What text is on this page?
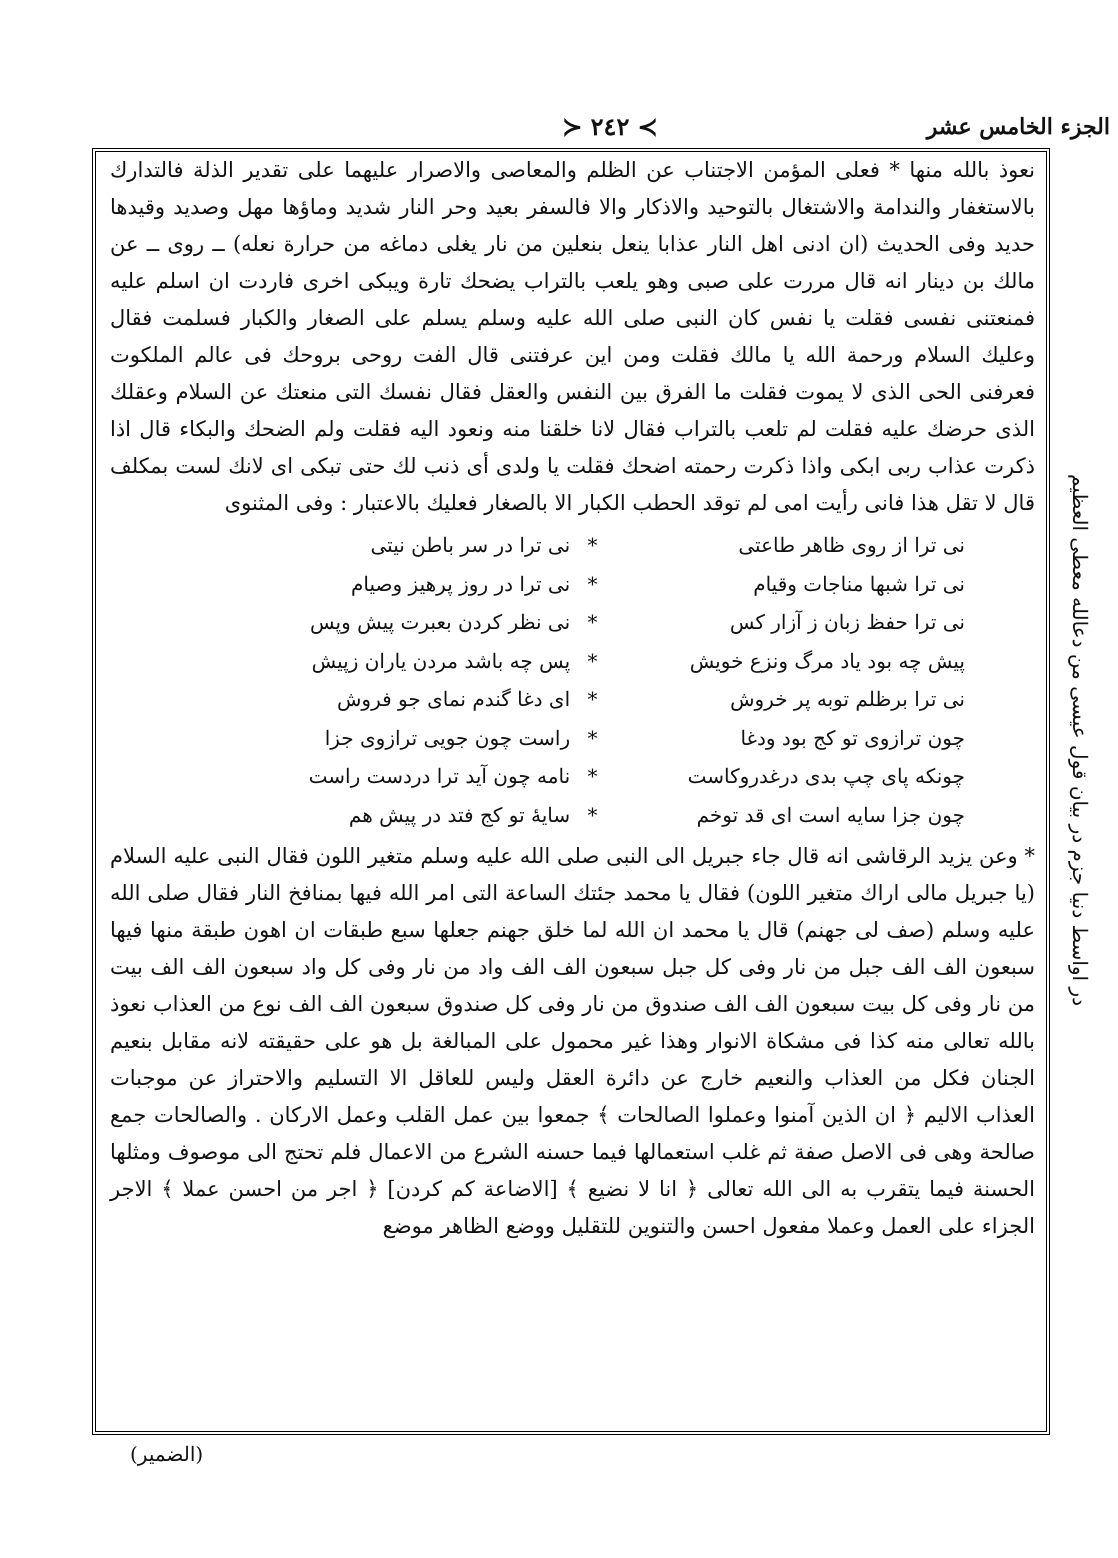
الجزء الخامس عشر
≻ ٢٤٢ ≺
در اواسط دنيا جزم در بيان قول عيسى من دعالله معطى العظيم

نعوذ بالله منها * فعلى المؤمن الاجتناب عن الظلم والمعاصى والاصرار عليهما على تقدير الذلة فالتدارك بالاستغفار والندامة والاشتغال بالتوحيد والاذكار والا فالسفر بعيد وحر النار شديد وماؤها مهل وصديد وقيدها حديد وفى الحديث (ان ادنى اهل النار عذابا ينعل بنعلين من نار يغلى دماغه من حرارة نعله) ــ روى ــ عن مالك بن دينار انه قال مررت على صبى وهو يلعب بالتراب يضحك تارة ويبكى اخرى فاردت ان اسلم عليه فمنعتنى نفسى فقلت يا نفس كان النبى صلى الله عليه وسلم يسلم على الصغار والكبار فسلمت فقال وعليك السلام ورحمة الله يا مالك فقلت ومن اين عرفتنى قال الفت روحى بروحك فى عالم الملكوت فعرفنى الحى الذى لا يموت فقلت ما الفرق بين النفس والعقل فقال نفسك التى منعتك عن السلام وعقلك الذى حرضك عليه فقلت لم تلعب بالتراب فقال لانا خلقنا منه ونعود اليه فقلت ولم الضحك والبكاء قال اذا ذكرت عذاب ربى ابكى واذا ذكرت رحمته اضحك فقلت يا ولدى أى ذنب لك حتى تبكى اى لانك لست بمكلف قال لا تقل هذا فانى رأيت امى لم توقد الحطب الكبار الا بالصغار فعليك بالاعتبار : وفى المثنوى

نى ترا از روى ظاهر طاعتى
*
نى ترا در سر باطن نيتى
نى ترا شبها مناجات وقيام
*
نى ترا در روز پرهيز وصيام
نى ترا حفظ زبان ز آزار كس
*
نى نظر كردن بعبرت پيش وپس
پيش چه بود ياد مرگ ونزع خويش
*
پس چه باشد مردن ياران زپيش
نى ترا برظلم توبه پر خروش
*
اى دغا گندم نماى جو فروش
چون ترازوى تو كج بود ودغا
*
راست چون جويى ترازوى جزا
چونكه پاى چپ بدى درغدروكاست
*
نامه چون آيد ترا دردست راست
چون جزا سايه است اى قد توخم
*
سايهٔ تو كج فتد در پيش هم

* وعن يزيد الرقاشى انه قال جاء جبريل الى النبى صلى الله عليه وسلم متغير اللون فقال النبى عليه السلام (يا جبريل مالى اراك متغير اللون) فقال يا محمد جئتك الساعة التى امر الله فيها بمنافخ النار فقال صلى الله عليه وسلم (صف لى جهنم) قال يا محمد ان الله لما خلق جهنم جعلها سبع طبقات ان اهون طبقة منها فيها سبعون الف الف جبل من نار وفى كل جبل سبعون الف الف واد من نار وفى كل واد سبعون الف الف بيت من نار وفى كل بيت سبعون الف الف صندوق من نار وفى كل صندوق سبعون الف الف نوع من العذاب نعوذ بالله تعالى منه كذا فى مشكاة الانوار وهذا غير محمول على المبالغة بل هو على حقيقته لانه مقابل بنعيم الجنان فكل من العذاب والنعيم خارج عن دائرة العقل وليس للعاقل الا التسليم والاحتراز عن موجبات العذاب الاليم ﴿ ان الذين آمنوا وعملوا الصالحات ﴾ جمعوا بين عمل القلب وعمل الاركان . والصالحات جمع صالحة وهى فى الاصل صفة ثم غلب استعمالها فيما حسنه الشرع من الاعمال فلم تحتج الى موصوف ومثلها الحسنة فيما يتقرب به الى الله تعالى ﴿ انا لا نضيع ﴾ [الاضاعة كم كردن] ﴿ اجر من احسن عملا ﴾ الاجر الجزاء على العمل وعملا مفعول احسن والتنوين للتقليل ووضع الظاهر موضع

(الضمير)
